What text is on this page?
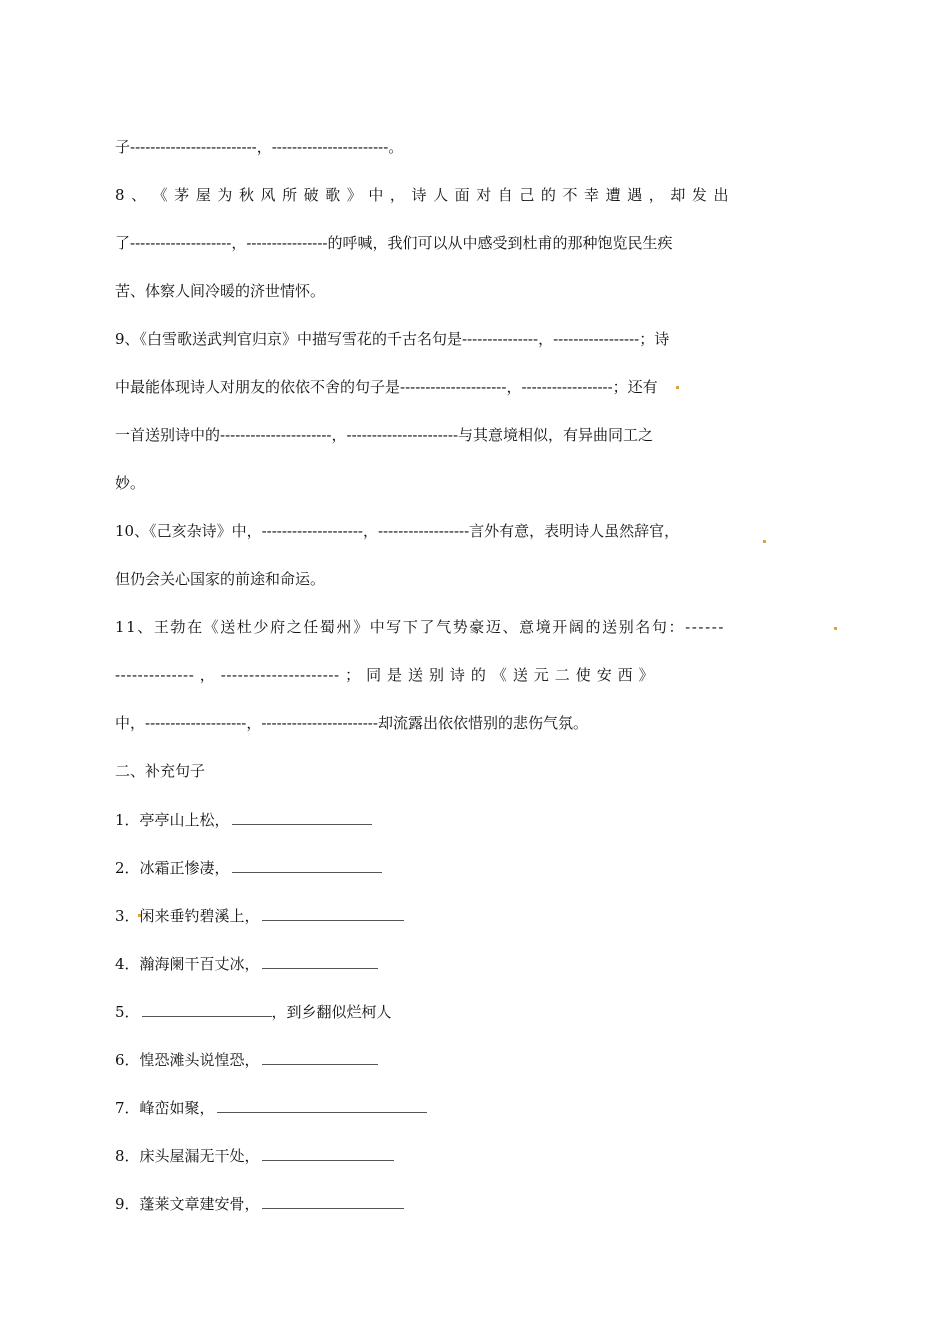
子-------------------------，-----------------------。
8 、 《 茅 屋 为 秋 风 所 破 歌 》 中 ， 诗 人 面 对 自 己 的 不 幸 遭 遇 ， 却 发 出
了--------------------，----------------的呼喊，我们可以从中感受到杜甫的那种饱览民生疾
苦、体察人间冷暖的济世情怀。
9、《白雪歌送武判官归京》中描写雪花的千古名句是---------------，-----------------；诗
中最能体现诗人对朋友的依依不舍的句子是---------------------，------------------；还有
一首送别诗中的----------------------，----------------------与其意境相似，有异曲同工之
妙。
10、《己亥杂诗》中，--------------------，------------------言外有意，表明诗人虽然辞官，
但仍会关心国家的前途和命运。
11、王勃在《送杜少府之任蜀州》中写下了气势豪迈、意境开阔的送别名句：------
-------------- ， --------------------- ； 同 是 送 别 诗 的 《 送 元 二 使 安 西 》
中，--------------------，-----------------------却流露出依依惜别的悲伤气氛。
二、补充句子
1．亭亭山上松，
2．冰霜正惨凄，
3．闲来垂钓碧溪上，
4．瀚海阑干百丈冰，
5．	，到乡翻似烂柯人
6．惶恐滩头说惶恐，
7．峰峦如聚，
8．床头屋漏无干处，
9．蓬莱文章建安骨，
